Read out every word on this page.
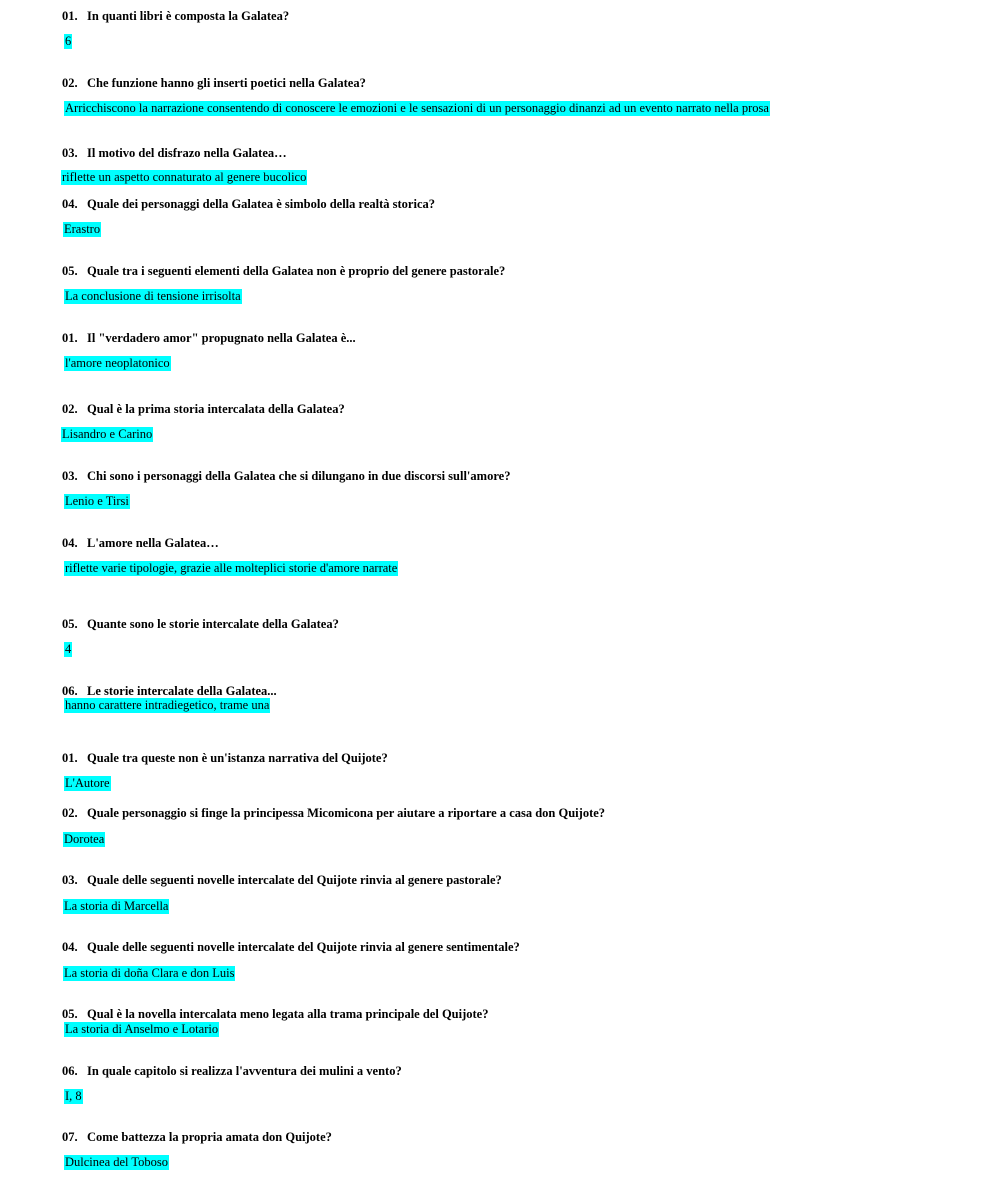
01. In quanti libri è composta la Galatea?
6
02. Che funzione hanno gli inserti poetici nella Galatea?
Arricchiscono la narrazione consentendo di conoscere le emozioni e le sensazioni di un personaggio dinanzi ad un evento narrato nella prosa
03. Il motivo del disfrazo nella Galatea…
riflette un aspetto connaturato al genere bucolico
04. Quale dei personaggi della Galatea è simbolo della realtà storica?
Erastro
05. Quale tra i seguenti elementi della Galatea non è proprio del genere pastorale?
La conclusione di tensione irrisolta
01. Il "verdadero amor" propugnato nella Galatea è...
l'amore neoplatonico
02. Qual è la prima storia intercalata della Galatea?
Lisandro e Carino
03. Chi sono i personaggi della Galatea che si dilungano in due discorsi sull'amore?
Lenio e Tirsi
04. L'amore nella Galatea…
riflette varie tipologie, grazie alle molteplici storie d'amore narrate
05. Quante sono le storie intercalate della Galatea?
4
06. Le storie intercalate della Galatea...
hanno carattere intradiegetico, trame una
01. Quale tra queste non è un'istanza narrativa del Quijote?
L'Autore
02. Quale personaggio si finge la principessa Micomicona per aiutare a riportare a casa don Quijote?
Dorotea
03. Quale delle seguenti novelle intercalate del Quijote rinvia al genere pastorale?
La storia di Marcella
04. Quale delle seguenti novelle intercalate del Quijote rinvia al genere sentimentale?
La storia di doña Clara e don Luis
05. Qual è la novella intercalata meno legata alla trama principale del Quijote?
La storia di Anselmo e Lotario
06. In quale capitolo si realizza l'avventura dei mulini a vento?
I, 8
07. Come battezza la propria amata don Quijote?
Dulcinea del Toboso
